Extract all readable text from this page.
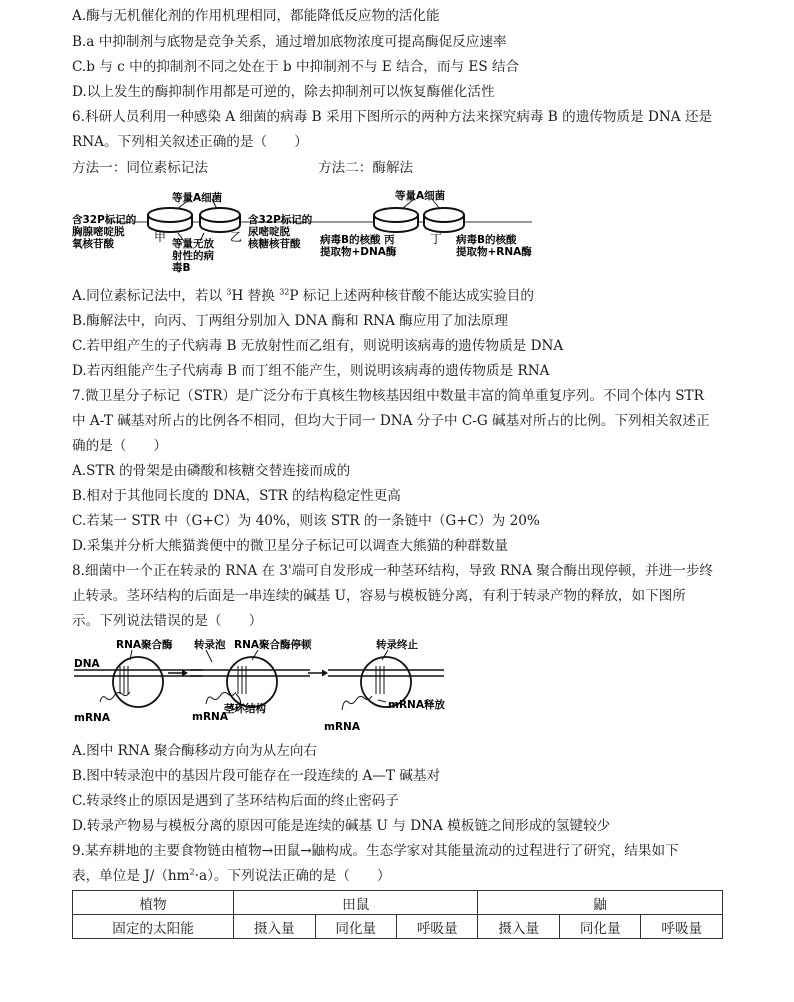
A.酶与无机催化剂的作用机理相同，都能降低反应物的活化能
B.a 中抑制剂与底物是竞争关系，通过增加底物浓度可提高酶促反应速率
C.b 与 c 中的抑制剂不同之处在于 b 中抑制剂不与 E 结合，而与 ES 结合
D.以上发生的酶抑制作用都是可逆的，除去抑制剂可以恢复酶催化活性
6.科研人员利用一种感染 A 细菌的病毒 B 采用下图所示的两种方法来探究病毒 B 的遗传物质是 DNA 还是
RNA。下列相关叙述正确的是（　　）
方法一：同位素标记法	方法二：酶解法
等量A细菌
含32P标记的
胸腺嘧啶脱
氧核苷酸	甲	乙
等量无放
射性的病
毒B
含32P标记的
尿嘧啶脱
核糖核苷酸
等量A细菌
病毒B的核酸 丙
提取物+DNA酶
丁 病毒B的核酸
提取物+RNA酶
A.同位素标记法中，若以 $^3$H 替换 $^{32}$P 标记上述两种核苷酸不能达成实验目的
B.酶解法中，向丙、丁两组分别加入 DNA 酶和 RNA 酶应用了加法原理
C.若甲组产生的子代病毒 B 无放射性而乙组有，则说明该病毒的遗传物质是 DNA
D.若丙组能产生子代病毒 B 而丁组不能产生，则说明该病毒的遗传物质是 RNA
7.微卫星分子标记（STR）是广泛分布于真核生物核基因组中数量丰富的简单重复序列。不同个体内 STR
中 A-T 碱基对所占的比例各不相同，但均大于同一 DNA 分子中 C-G 碱基对所占的比例。下列相关叙述正
确的是（　　）
A.STR 的骨架是由磷酸和核糖交替连接而成的
B.相对于其他同长度的 DNA，STR 的结构稳定性更高
C.若某一 STR 中（G+C）为 40%，则该 STR 的一条链中（G+C）为 20%
D.采集并分析大熊猫粪便中的微卫星分子标记可以调查大熊猫的种群数量
8.细菌中一个正在转录的 RNA 在 3'端可自发形成一种茎环结构，导致 RNA 聚合酶出现停顿，并进一步终
止转录。茎环结构的后面是一串连续的碱基 U，容易与模板链分离，有利于转录产物的释放，如下图所
示。下列说法错误的是（　　）
DNA
RNA聚合酶
mRNA
转录泡 RNA聚合酶停顿
mRNA
茎环结构
转录终止
mRNA释放
mRNA
A.图中 RNA 聚合酶移动方向为从左向右
B.图中转录泡中的基因片段可能存在一段连续的 A—T 碱基对
C.转录终止的原因是遇到了茎环结构后面的终止密码子
D.转录产物易与模板分离的原因可能是连续的碱基 U 与 DNA 模板链之间形成的氢键较少
9.某弃耕地的主要食物链由植物→田鼠→鼬构成。生态学家对其能量流动的过程进行了研究，结果如下
表，单位是 $J/(hm^2\cdot a)$。下列说法正确的是（　　）
植物	田鼠			鼬		
固定的太阳能	摄入量	同化量	呼吸量	摄入量	同化量	呼吸量
